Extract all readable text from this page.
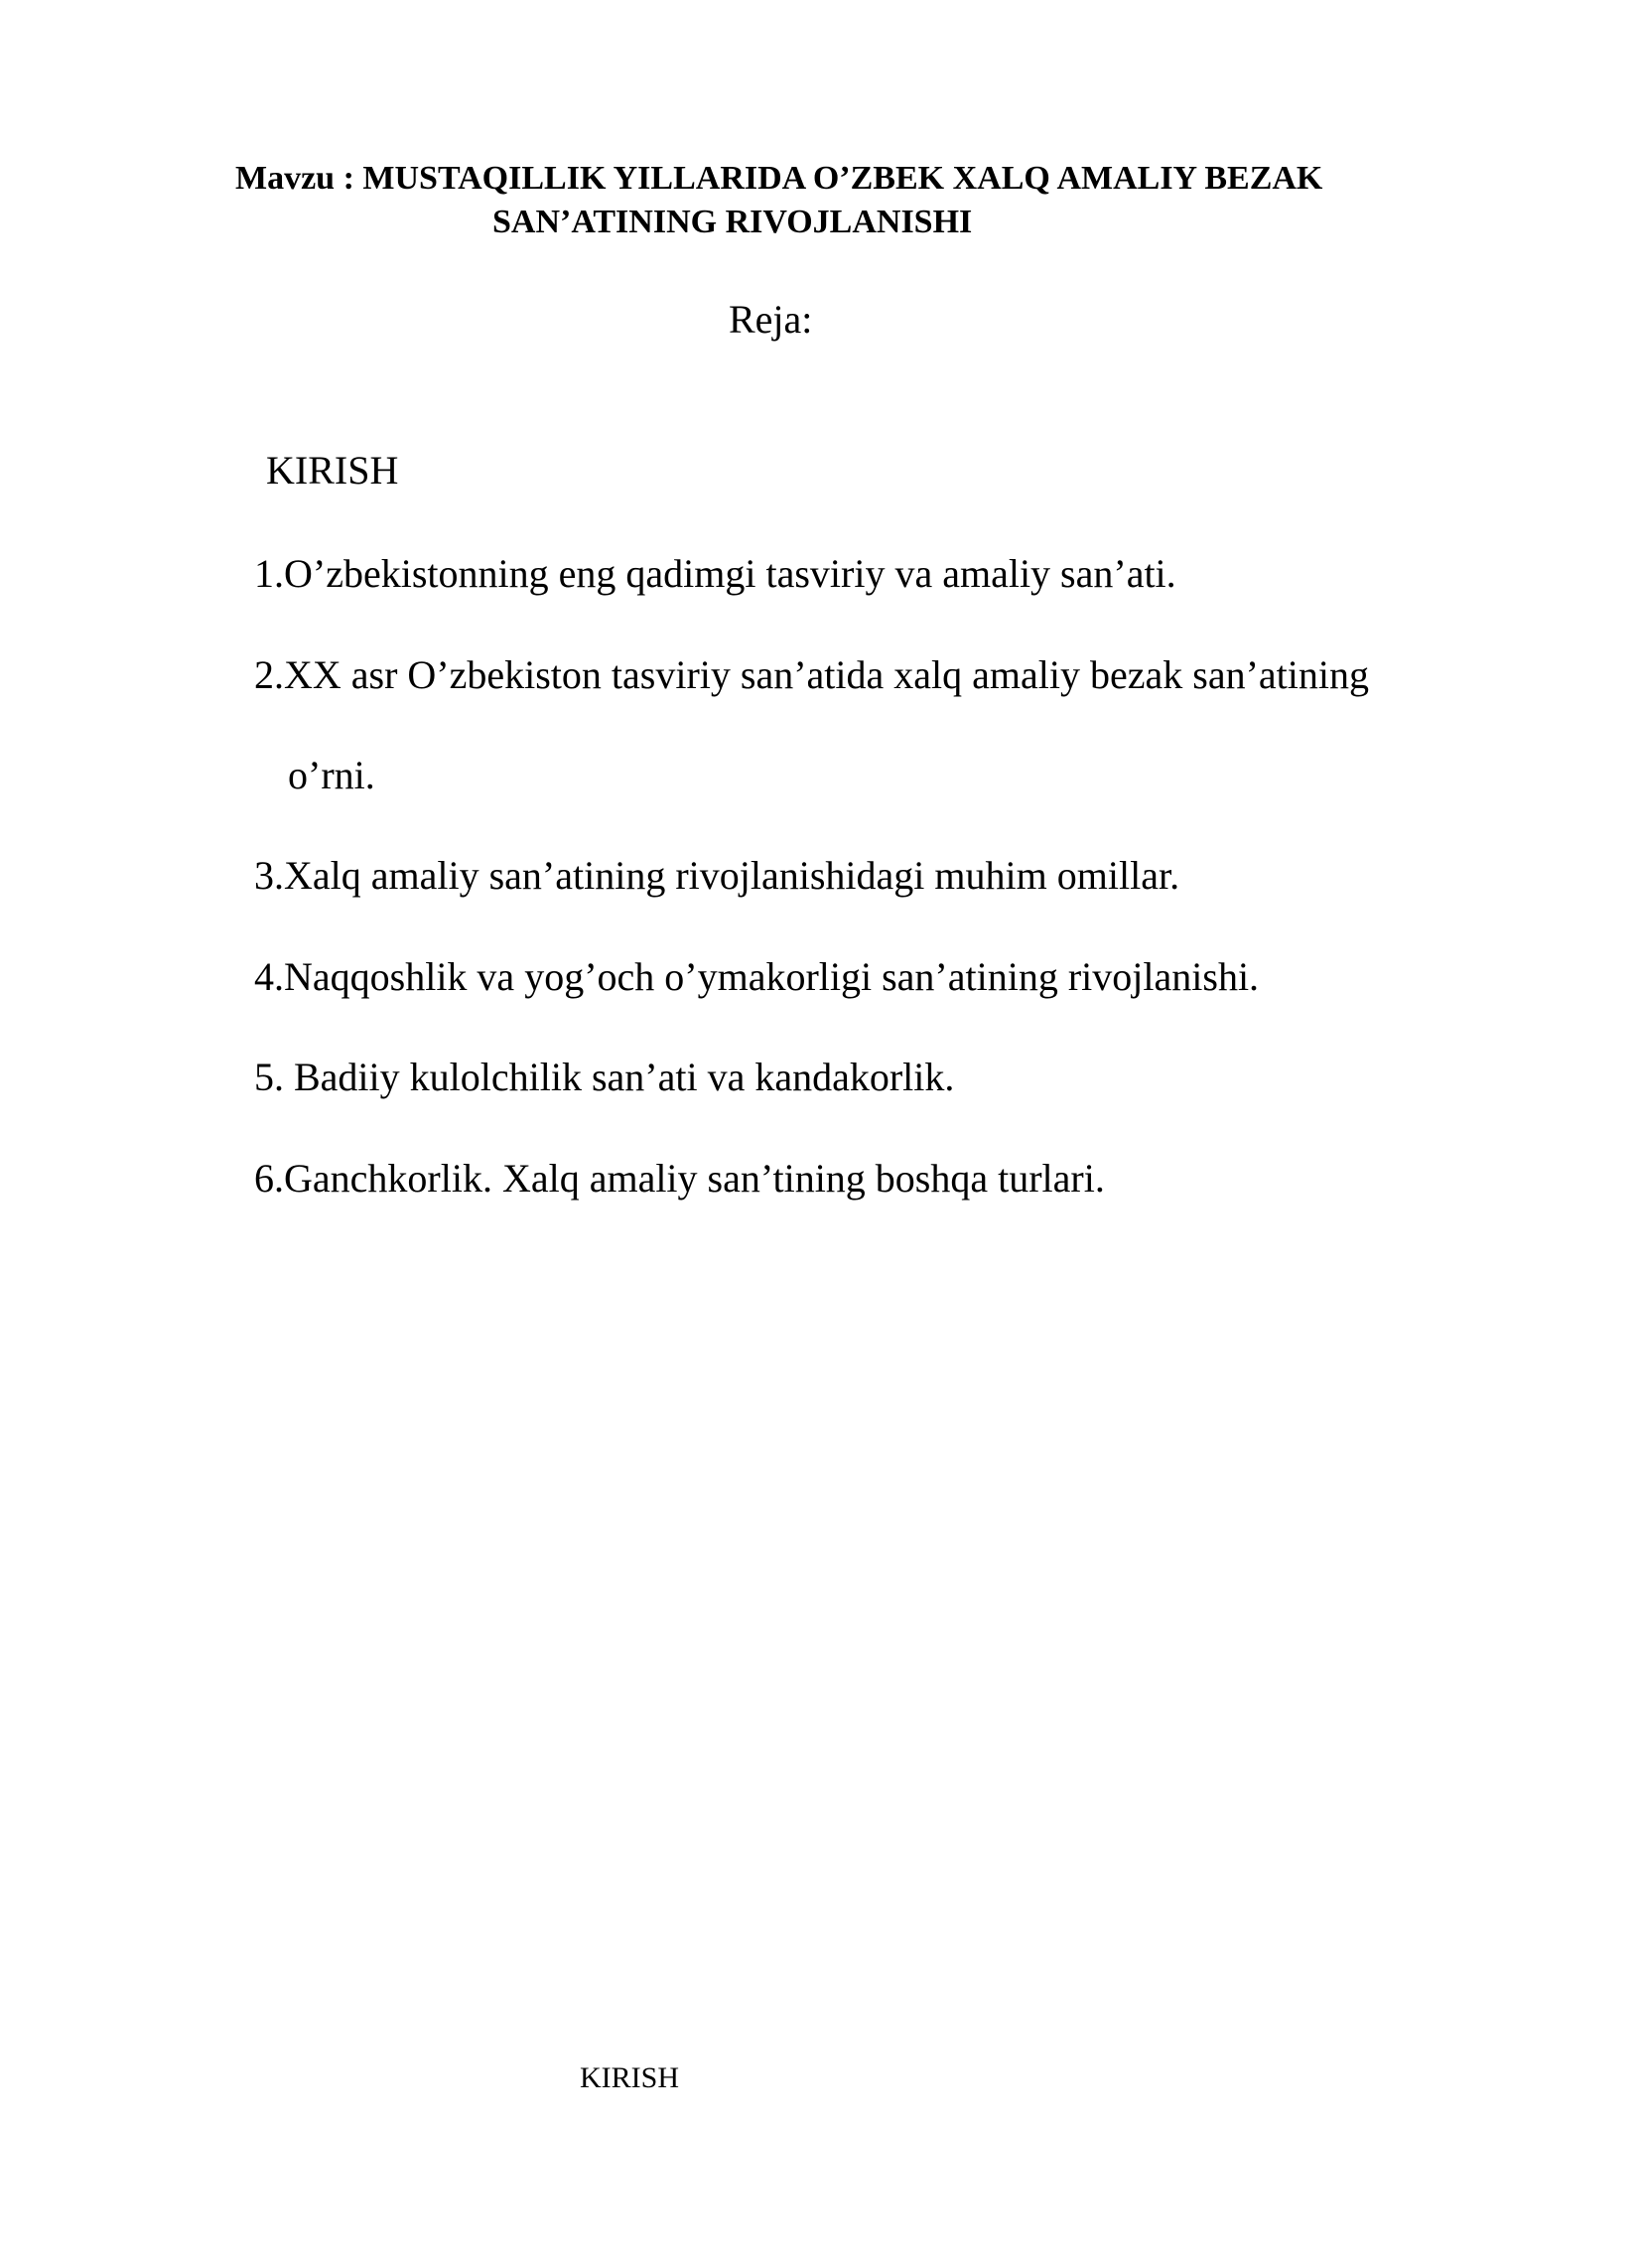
Mavzu : MUSTAQILLIK YILLARIDA O’ZBEK XALQ AMALIY BEZAK
SAN’ATINING RIVOJLANISHI
Reja:
KIRISH
1.O’zbekistonning eng qadimgi tasviriy va amaliy san’ati.
2.XX asr O’zbekiston tasviriy san’atida xalq amaliy bezak san’atining
o’rni.
3.Xalq amaliy san’atining rivojlanishidagi muhim omillar.
4.Naqqoshlik va yog’och o’ymakorligi san’atining rivojlanishi.
5. Badiiy kulolchilik san’ati va kandakorlik.
6.Ganchkorlik. Xalq amaliy san’tining boshqa turlari.
KIRISH
